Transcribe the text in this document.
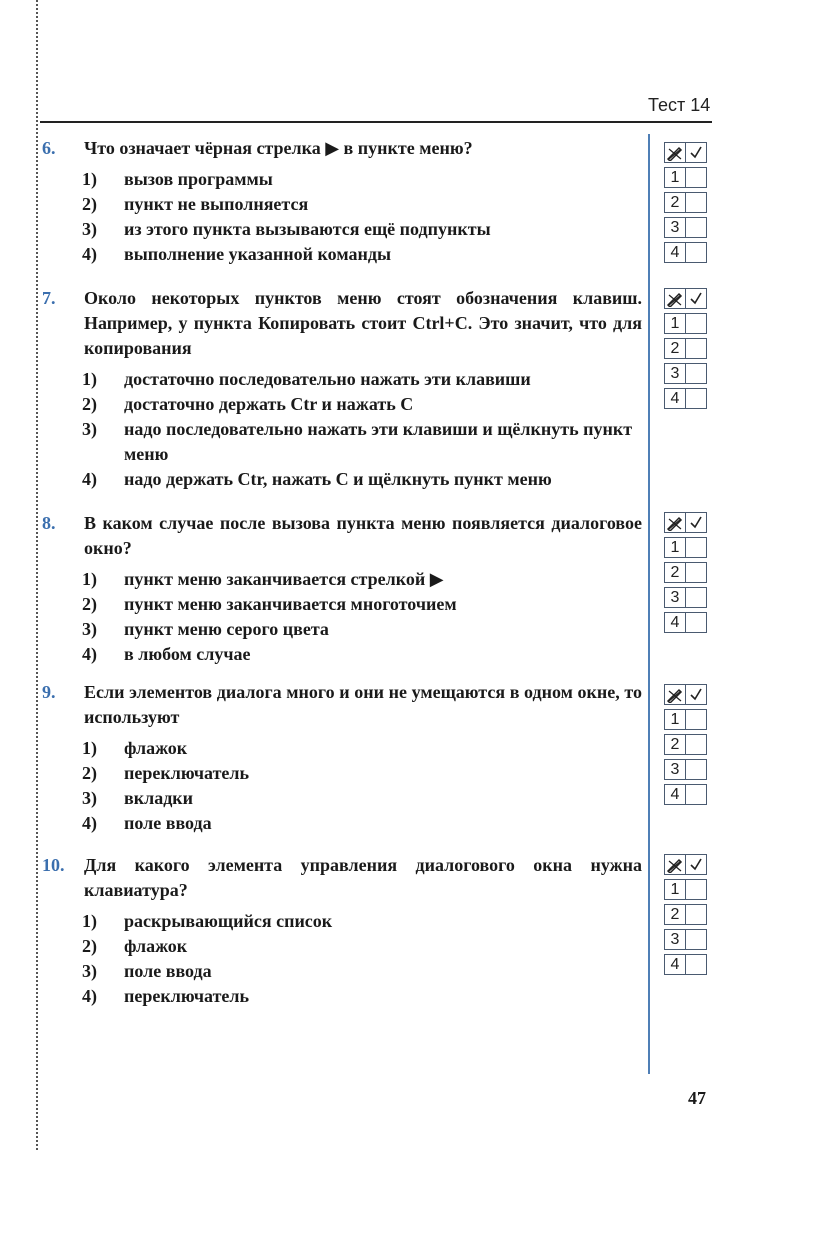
Тест 14
6.	Что означает чёрная стрелка ▶ в пункте меню?
1)	вызов программы
2)	пункт не выполняется
3)	из этого пункта вызываются ещё подпункты
4)	выполнение указанной команды
7.	Около некоторых пунктов меню стоят обозначения клавиш. Например, у пункта Копировать стоит Ctrl+C. Это значит, что для копирования
1)	достаточно последовательно нажать эти клавиши
2)	достаточно держать Ctr и нажать C
3)	надо последовательно нажать эти клавиши и щёлкнуть пункт меню
4)	надо держать Ctr, нажать C и щёлкнуть пункт меню
8.	В каком случае после вызова пункта меню появляется диалоговое окно?
1)	пункт меню заканчивается стрелкой ▶
2)	пункт меню заканчивается многоточием
3)	пункт меню серого цвета
4)	в любом случае
9.	Если элементов диалога много и они не умещаются в одном окне, то используют
1)	флажок
2)	переключатель
3)	вкладки
4)	поле ввода
10.	Для какого элемента управления диалогового окна нужна клавиатура?
1)	раскрывающийся список
2)	флажок
3)	поле ввода
4)	переключатель
1
2
3
4
1
2
3
4
1
2
3
4
1
2
3
4
1
2
3
4
47
